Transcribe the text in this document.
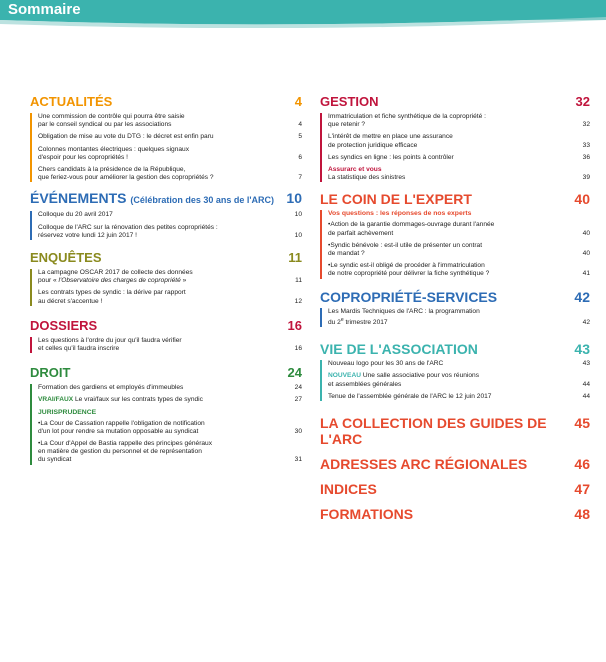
Sommaire
ACTUALITÉS	4
Une commission de contrôle qui pourra être saisie
par le conseil syndical ou par les associations	4
Obligation de mise au vote du DTG : le décret est enfin paru	5
Colonnes montantes électriques : quelques signaux
d'espoir pour les copropriétés !	6
Chers candidats à la présidence de la République,
que feriez-vous pour améliorer la gestion des copropriétés ?	7
ÉVÉNEMENTS (Célébration des 30 ans de l'ARC) 10
Colloque du 20 avril 2017	10
Colloque de l'ARC sur la rénovation des petites copropriétés :
réservez votre lundi 12 juin 2017 !	10
ENQUÊTES	11
La campagne OSCAR 2017 de collecte des données
pour « l'Observatoire des charges de copropriété »	11
Les contrats types de syndic : la dérive par rapport
au décret s'accentue !	12
DOSSIERS	16
Les questions à l'ordre du jour qu'il faudra vérifier
et celles qu'il faudra inscrire	16
DROIT	24
Formation des gardiens et employés d'immeubles	24
VRAI/FAUX Le vrai/faux sur les contrats types de syndic	27
JURISPRUDENCE
• La Cour de Cassation rappelle l'obligation de notification
d'un lot pour rendre sa mutation opposable au syndicat	30
• La Cour d'Appel de Bastia rappelle des principes généraux
en matière de gestion du personnel et de représentation
du syndicat	31
GESTION	32
Immatriculation et fiche synthétique de la copropriété :
que retenir ?	32
L'intérêt de mettre en place une assurance
de protection juridique efficace	33
Les syndics en ligne : les points à contrôler	36
Assurarc et vous
La statistique des sinistres	39
LE COIN DE L'EXPERT	40
Vos questions : les réponses de nos experts
• Action de la garantie dommages-ouvrage durant l'année
de parfait achèvement	40
• Syndic bénévole : est-il utile de présenter un contrat
de mandat ?	40
• Le syndic est-il obligé de procéder à l'immatriculation
de notre copropriété pour délivrer la fiche synthétique ?	41
COPROPRIÉTÉ-SERVICES	42
Les Mardis Techniques de l'ARC : la programmation
du 2e trimestre 2017	42
VIE DE L'ASSOCIATION	43
Nouveau logo pour les 30 ans de l'ARC	43
NOUVEAU Une salle associative pour vos réunions
et assemblées générales	44
Tenue de l'assemblée générale de l'ARC le 12 juin 2017	44
LA COLLECTION DES GUIDES DE L'ARC
45
ADRESSES ARC RÉGIONALES	46
INDICES	47
FORMATIONS	48
